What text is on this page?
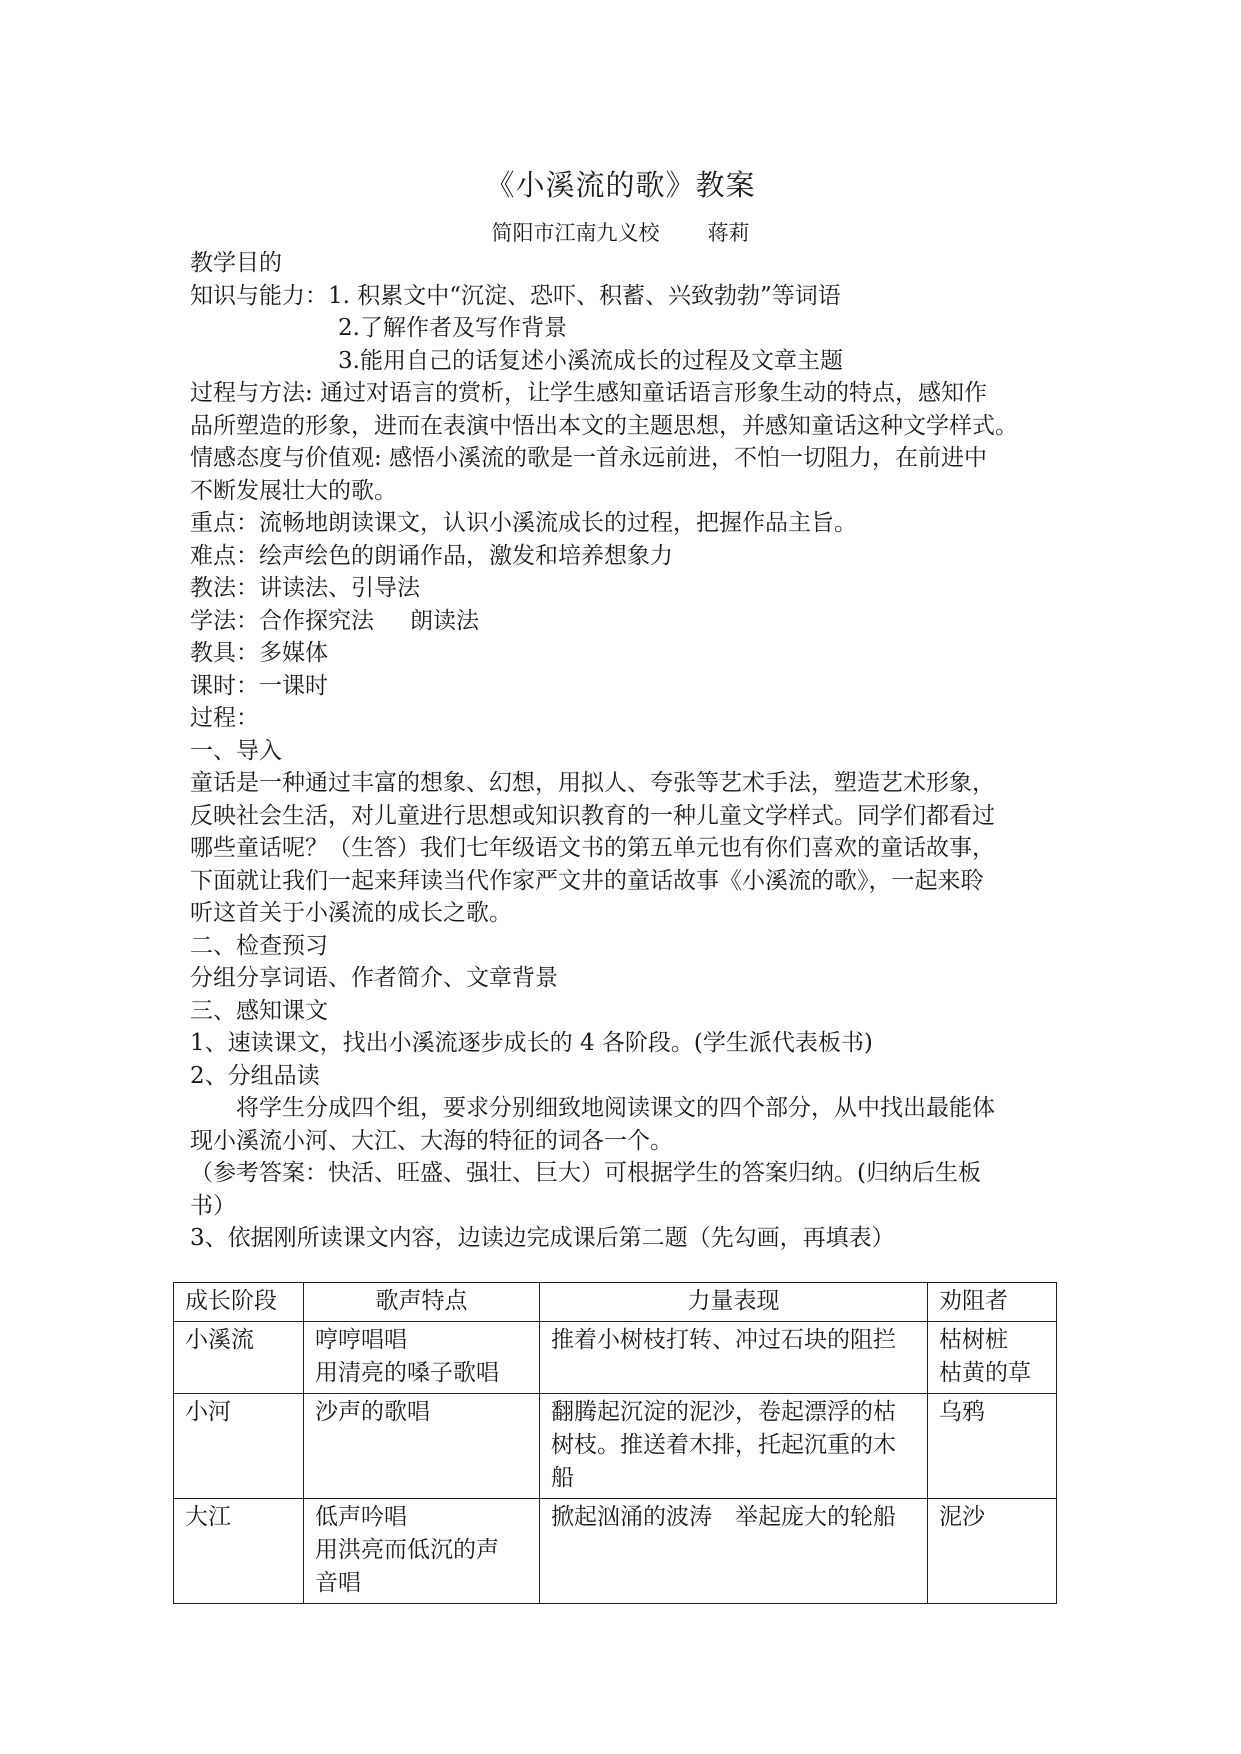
《小溪流的歌》教案
简阳市江南九义校 蒋莉

教学目的

知识与能力：1. 积累文中“沉淀、恐吓、积蓄、兴致勃勃”等词语

2.了解作者及写作背景

3.能用自己的话复述小溪流成长的过程及文章主题

过程与方法: 通过对语言的赏析，让学生感知童话语言形象生动的特点，感知作

品所塑造的形象，进而在表演中悟出本文的主题思想，并感知童话这种文学样式。

情感态度与价值观: 感悟小溪流的歌是一首永远前进，不怕一切阻力，在前进中

不断发展壮大的歌。

重点：流畅地朗读课文，认识小溪流成长的过程，把握作品主旨。

难点：绘声绘色的朗诵作品，激发和培养想象力

教法：讲读法、引导法

学法：合作探究法 朗读法

教具：多媒体

课时：一课时

过程：

一、导入

童话是一种通过丰富的想象、幻想，用拟人、夸张等艺术手法，塑造艺术形象，

反映社会生活，对儿童进行思想或知识教育的一种儿童文学样式。同学们都看过

哪些童话呢？（生答）我们七年级语文书的第五单元也有你们喜欢的童话故事，

下面就让我们一起来拜读当代作家严文井的童话故事《小溪流的歌》，一起来聆

听这首关于小溪流的成长之歌。

二、检查预习

分组分享词语、作者简介、文章背景

三、感知课文

1、速读课文，找出小溪流逐步成长的 4 各阶段。(学生派代表板书)

2、分组品读

将学生分成四个组，要求分别细致地阅读课文的四个部分，从中找出最能体

现小溪流小河、大江、大海的特征的词各一个。

（参考答案：快活、旺盛、强壮、巨大）可根据学生的答案归纳。(归纳后生板

书）

3、依据刚所读课文内容，边读边完成课后第二题（先勾画，再填表）

成长阶段	歌声特点	力量表现	劝阻者

小溪流	哼哼唱唱
用清亮的嗓子歌唱	推着小树枝打转、冲过石块的阻拦	枯树桩
枯黄的草

小河	沙声的歌唱	翻腾起沉淀的泥沙，卷起漂浮的枯
树枝。推送着木排，托起沉重的木
船	乌鸦

大江	低声吟唱
用洪亮而低沉的声
音唱	掀起汹涌的波涛　举起庞大的轮船	泥沙
